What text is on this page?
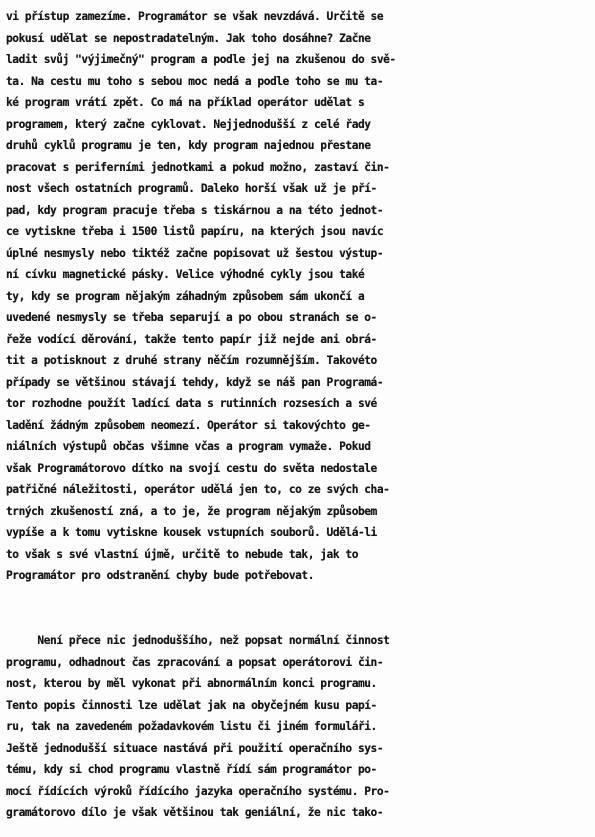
vi přístup zamezíme. Programátor se však nevzdává. Určitě se
pokusí udělat se nepostradatelným. Jak toho dosáhne? Začne
ladit svůj "výjimečný" program a podle jej na zkušenou do svě-
ta. Na cestu mu toho s sebou moc nedá a podle toho se mu ta-
ké program vrátí zpět. Co má na příklad operátor udělat s
programem, který začne cyklovat. Nejjednodušší z celé řady
druhů cyklů programu je ten, kdy program najednou přestane
pracovat s periferními jednotkami a pokud možno, zastaví čin-
nost všech ostatních programů. Daleko horší však už je pří-
pad, kdy program pracuje třeba s tiskárnou a na této jednot-
ce vytiskne třeba i 1500 listů papíru, na kterých jsou navíc
úplné nesmysly nebo tiktéž začne popisovat už šestou výstup-
ní cívku magnetické pásky. Velice výhodné cykly jsou také
ty, kdy se program nějakým záhadným způsobem sám ukončí a
uvedené nesmysly se třeba separují a po obou stranách se o-
řeže vodící děrování, takže tento papír již nejde ani obrá-
tit a potisknout z druhé strany něčím rozumnějším. Takovéto
případy se většinou stávají tehdy, když se náš pan Programá-
tor rozhodne použít ladící data s rutinních rozsesích a své
ladění žádným způsobem neomezí. Operátor si takovýchto ge-
niálních výstupů občas všimne včas a program vymaže. Pokud
však Programátorovo dítko na svojí cestu do světa nedostale
patřičné náležitosti, operátor udělá jen to, co ze svých cha-
trných zkušeností zná, a to je, že program nějakým způsobem
vypíše a k tomu vytiskne kousek vstupních souborů. Udělá-li
to však s své vlastní újmě, určitě to nebude tak, jak to
Programátor pro odstranění chyby bude potřebovat.
Není přece nic jednoduššího, než popsat normální činnost
programu, odhadnout čas zpracování a popsat operátorovi čin-
nost, kterou by měl vykonat při abnormálním konci programu.
Tento popis činnosti lze udělat jak na obyčejném kusu papí-
ru, tak na zavedeném požadavkovém listu či jiném formuláři.
Ještě jednodušší situace nastává při použití operačního sys-
tému, kdy si chod programu vlastně řídí sám programátor po-
mocí řídících výroků řídícího jazyka operačního systému. Pro-
gramátorovo dílo je však většinou tak geniální, že nic tako-
